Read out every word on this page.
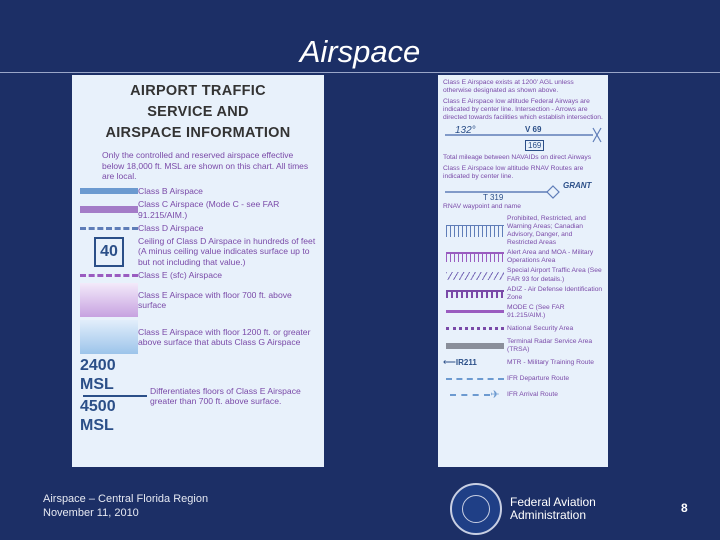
Airspace
AIRPORT TRAFFIC
SERVICE AND
AIRSPACE INFORMATION
Only the controlled and reserved airspace effective below 18,000 ft. MSL are shown on this chart. All times are local.
Class B Airspace
Class C Airspace (Mode C - see FAR 91.215/AIM.)
Class D Airspace
40
Ceiling of Class D Airspace in hundreds of feet (A minus ceiling value indicates surface up to but not including that value.)
Class E (sfc) Airspace
Class E Airspace with floor 700 ft. above surface
Class E Airspace with floor 1200 ft. or greater above surface that abuts Class G Airspace
2400 MSL
4500 MSL
Differentiates floors of Class E Airspace greater than 700 ft. above surface.
Class E Airspace exists at 1200' AGL unless otherwise designated as shown above.
Class E Airspace low altitude Federal Airways are indicated by center line. Intersection - Arrows are directed towards facilities which establish intersection.
132°	V 69
169
Total mileage between NAVAIDs on direct Airways
Class E Airspace low altitude RNAV Routes are indicated by center line.
T 319
GRANT
RNAV waypoint and name
Prohibited, Restricted, and Warning Areas; Canadian Advisory, Danger, and Restricted Areas
Alert Area and MOA - Military Operations Area
Special Airport Traffic Area (See FAR 93 for details.)
ADIZ - Air Defense Identification Zone
MODE C (See FAR 91.215/AIM.)
National Security Area
Terminal Radar Service Area (TRSA)
⟵ IR211	MTR - Military Training Route
IFR Departure Route
✈ IFR Arrival Route
Airspace – Central Florida Region
November 11, 2010
Federal Aviation
Administration	8
